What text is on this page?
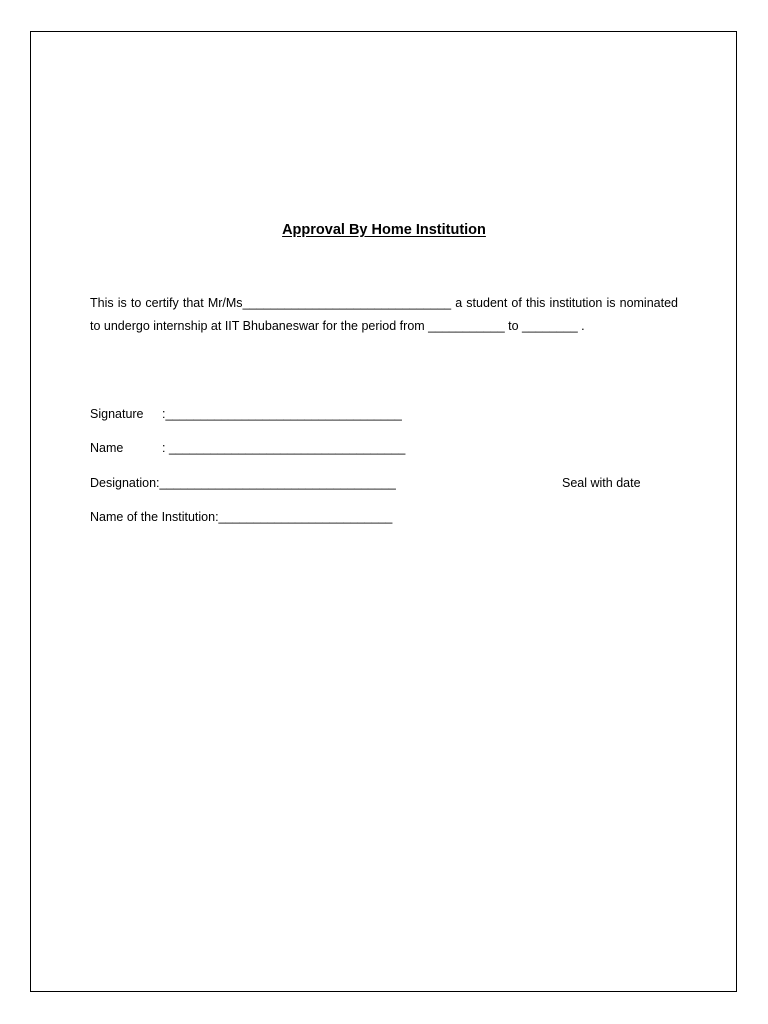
Approval By Home Institution
This is to certify that Mr/Ms______________________________ a student of this institution is nominated to undergo internship at IIT Bhubaneswar for the period from ___________ to ________ .
Signature :__________________________________
Name	: __________________________________
Designation:__________________________________	Seal with date
Name of the Institution:_________________________
